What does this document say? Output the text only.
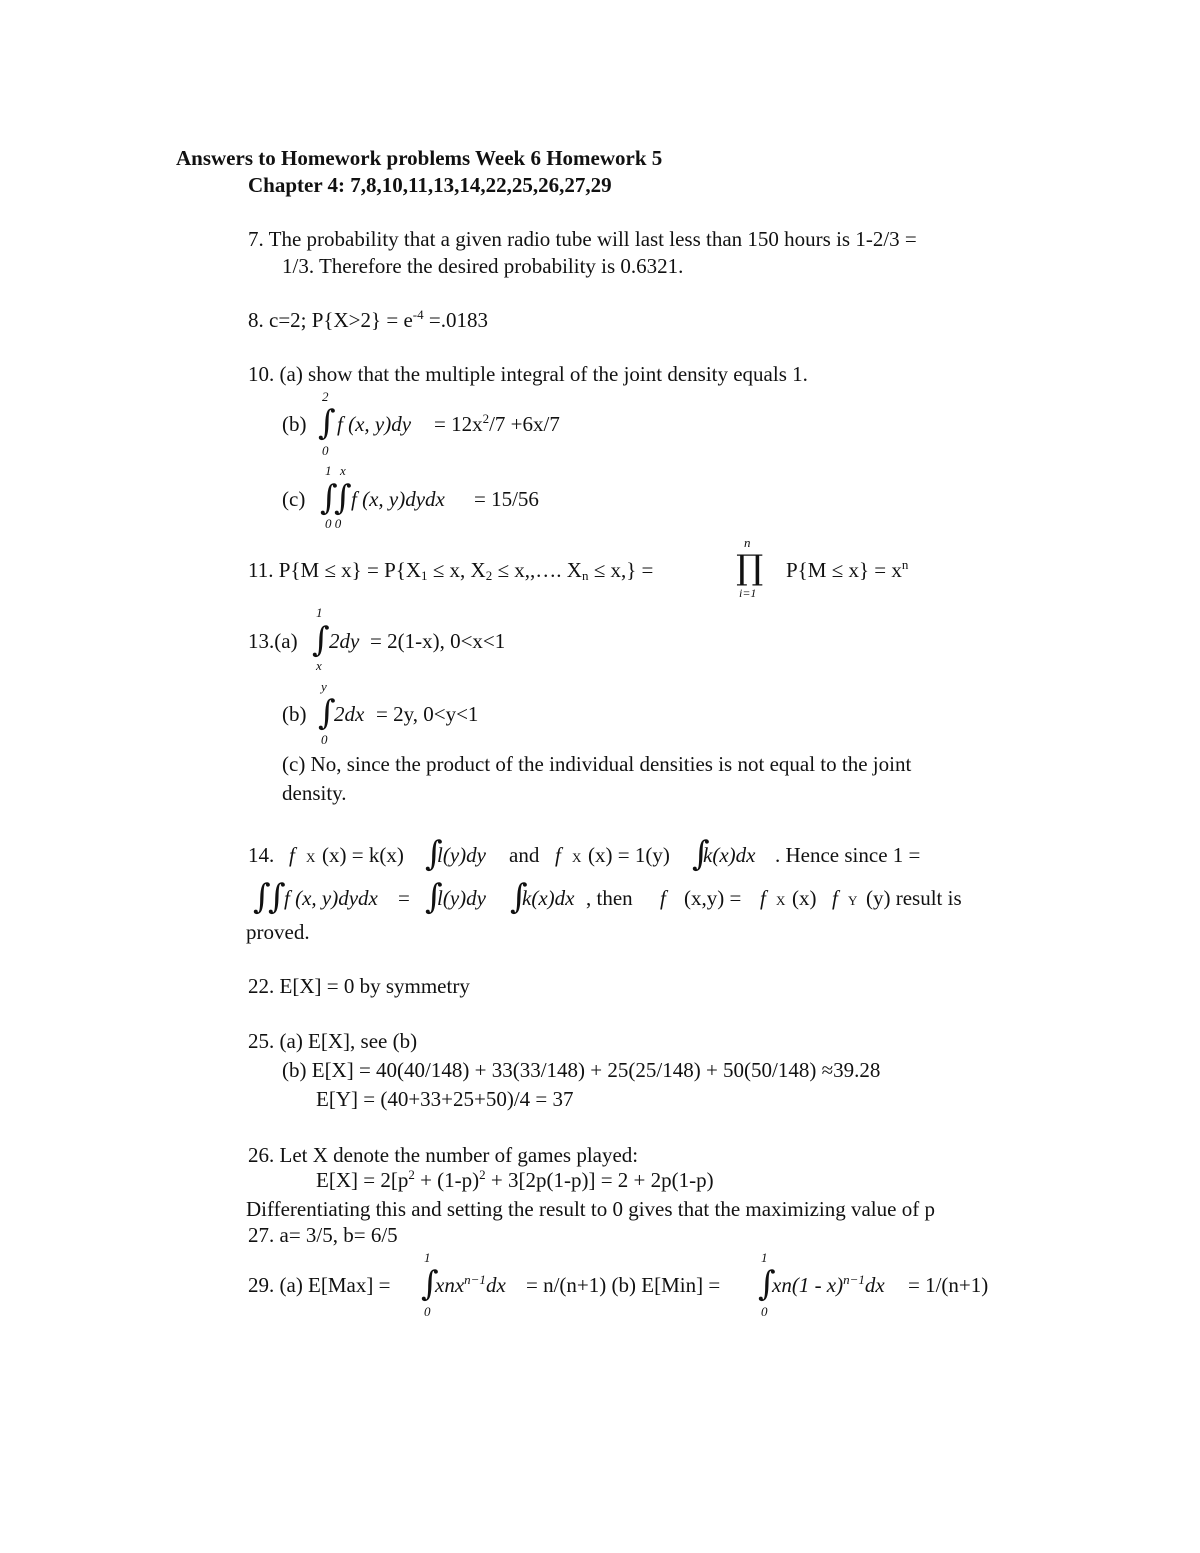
Answers to Homework problems Week 6 Homework 5
Chapter 4: 7,8,10,11,13,14,22,25,26,27,29
7. The probability that a given radio tube will last less than 150 hours is 1-2/3 =
1/3. Therefore the desired probability is 0.6321.
8. c=2; $P\{X>2\} = e^{-4} =.0183$
10. (a) show that the multiple integral of the joint density equals 1.
(b)
2
∫
0
f (x, $y)dy = 12x^2/7 +6x/7$
(c)
1 x
∫
∫
0 0
f (x, y)dydx = 15/56
11. $P\{M \le x\} = P\{X_1 \le x$, $X_2$ ≤ x,,…. $X_n \le x$,} =
n
∏
i=1
$P\{M \le x\} = x^n$
13.(a)
1
∫
x
2dy = 2(1-x), 0<x<1
(b)
y
∫
0
2dx = 2y, 0<y<1
(c) No, since the product of the individual densities is not equal to the joint
density.
14. f X (x) = k(x) ∫
l(y)dy and f X (x) = 1(y) ∫
k(x)dx . Hence since 1 =
∫
∫
f (x, y)dydx = ∫
l(y)dy ∫
k(x)dx , then f (x,y) = f X (x) f Y (y) result is
proved.
22. E[X] = 0 by symmetry
25. (a) E[X], see (b)
(b) E[X] = 40(40/148) + 33(33/148) + 25(25/148) + 50(50/148) ≈39.28
E[Y] = (40+33+25+50)/4 = 37
26. Let X denote the number of games played:
$E[X] = 2[p^2 + (1-p)^2 + 3[2p(1-p)] = 2 + 2p(1-p)$
Differentiating this and setting the result to 0 gives that the maximizing value of p
27. a= 3/5, b= 6/5
29. (a) E[Max] =
1
∫
0
xnx$^{n-1}$dx = n/(n+1) (b) E[Min] =
1
∫
0
xn(1 - x)$^{n-1}$dx = 1/(n+1)
